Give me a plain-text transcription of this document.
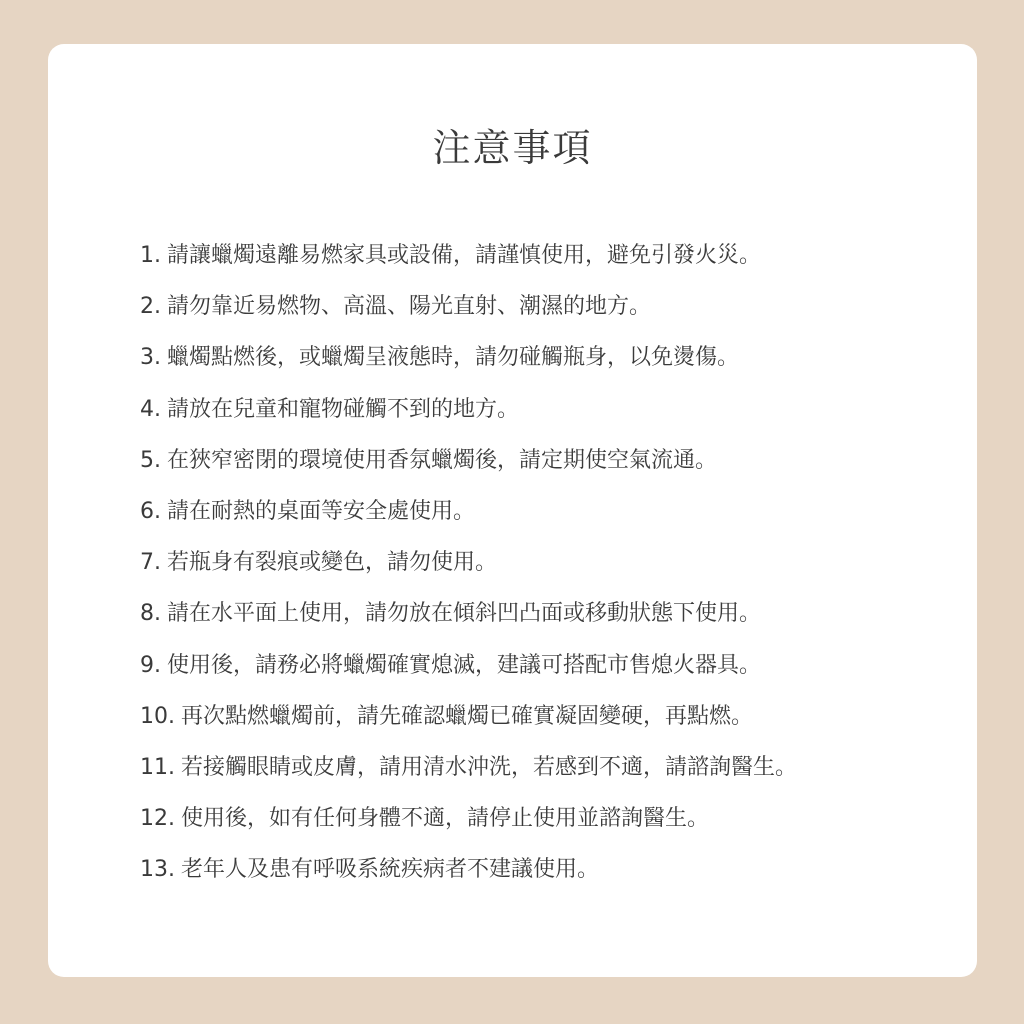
注意事項
1. 請讓蠟燭遠離易燃家具或設備，請謹慎使用，避免引發火災。
2. 請勿靠近易燃物、高溫、陽光直射、潮濕的地方。
3. 蠟燭點燃後，或蠟燭呈液態時，請勿碰觸瓶身，以免燙傷。
4. 請放在兒童和寵物碰觸不到的地方。
5. 在狹窄密閉的環境使用香氛蠟燭後，請定期使空氣流通。
6. 請在耐熱的桌面等安全處使用。
7. 若瓶身有裂痕或變色，請勿使用。
8. 請在水平面上使用，請勿放在傾斜凹凸面或移動狀態下使用。
9. 使用後，請務必將蠟燭確實熄滅，建議可搭配市售熄火器具。
10. 再次點燃蠟燭前，請先確認蠟燭已確實凝固變硬，再點燃。
11. 若接觸眼睛或皮膚，請用清水沖洗，若感到不適，請諮詢醫生。
12. 使用後，如有任何身體不適，請停止使用並諮詢醫生。
13. 老年人及患有呼吸系統疾病者不建議使用。
